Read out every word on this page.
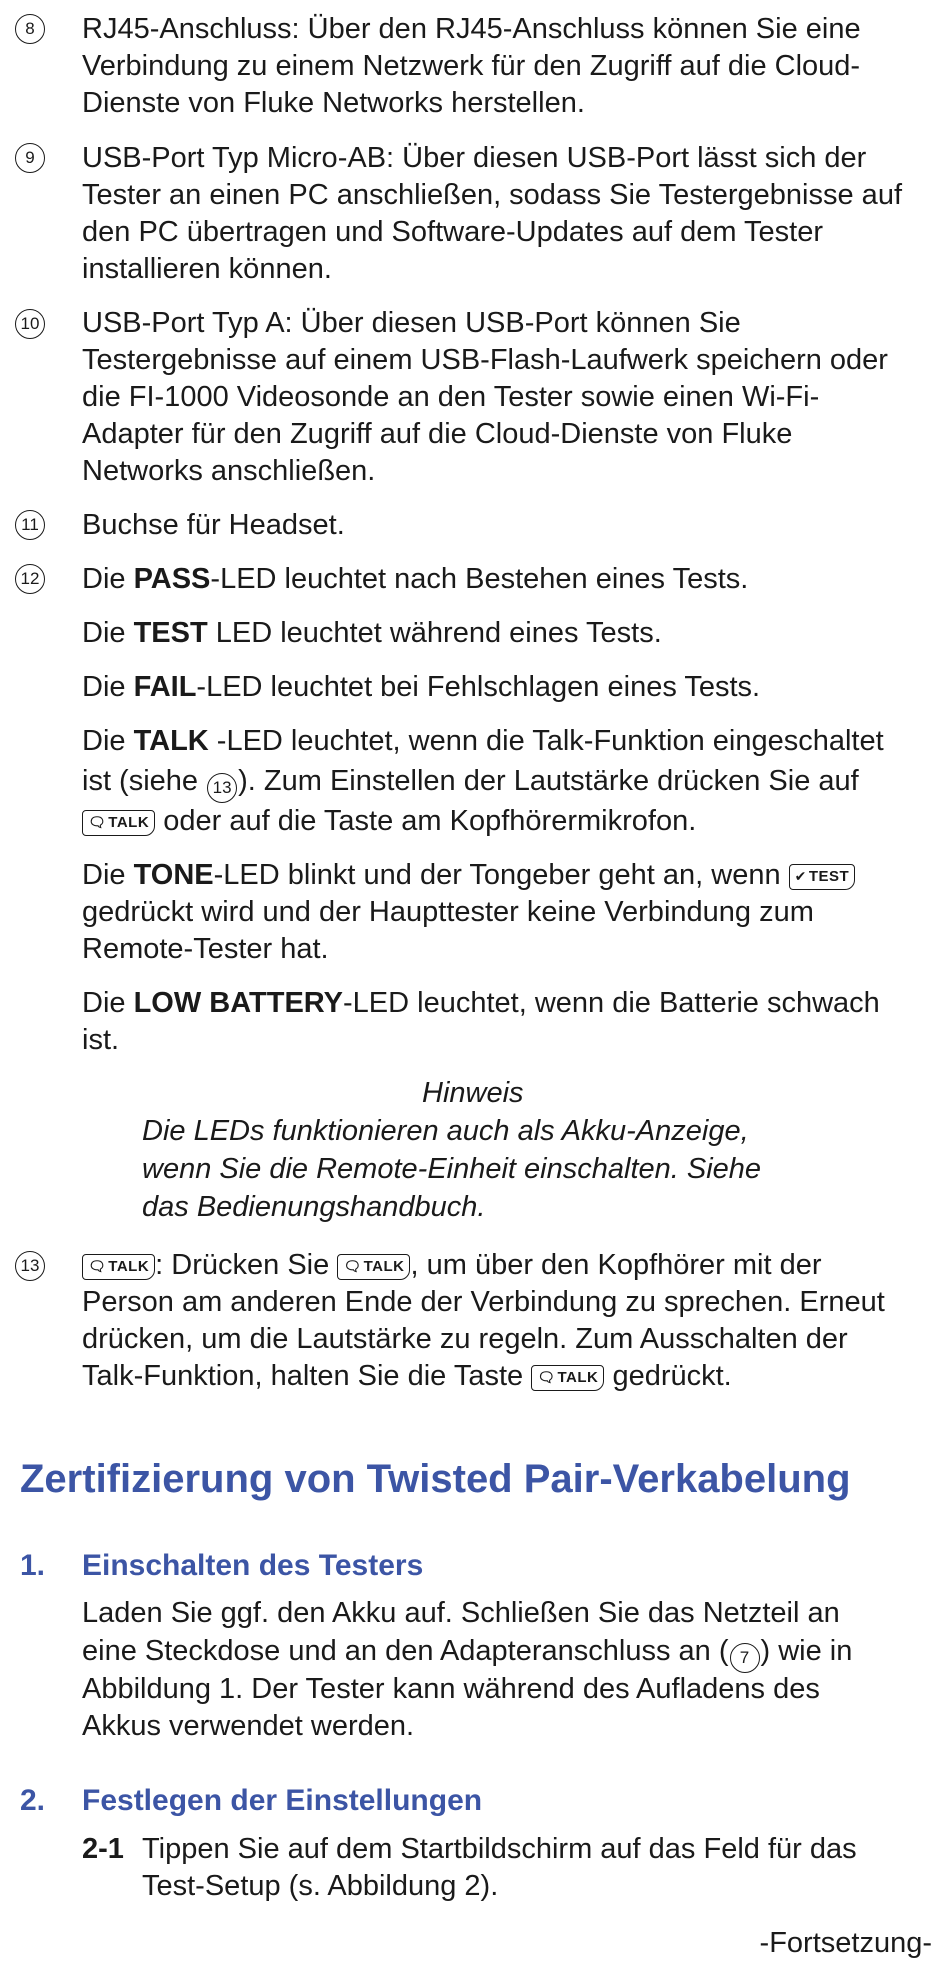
8	RJ45-Anschluss: Über den RJ45-Anschluss können Sie eine
Verbindung zu einem Netzwerk für den Zugriff auf die Cloud-
Dienste von Fluke Networks herstellen.
9	USB-Port Typ Micro-AB: Über diesen USB-Port lässt sich der
Tester an einen PC anschließen, sodass Sie Testergebnisse auf
den PC übertragen und Software-Updates auf dem Tester
installieren können.
10 USB-Port Typ A: Über diesen USB-Port können Sie
Testergebnisse auf einem USB-Flash-Laufwerk speichern oder
die FI-1000 Videosonde an den Tester sowie einen Wi-Fi-
Adapter für den Zugriff auf die Cloud-Dienste von Fluke
Networks anschließen.
11 Buchse für Headset.
12 Die PASS-LED leuchtet nach Bestehen eines Tests.
Die TEST LED leuchtet während eines Tests.
Die FAIL-LED leuchtet bei Fehlschlagen eines Tests.
Die TALK -LED leuchtet, wenn die Talk-Funktion eingeschaltet
ist (siehe 13 ). Zum Einstellen der Lautstärke drücken Sie auf
🗨︎ TALK oder auf die Taste am Kopfhörermikrofon.
Die TONE-LED blinkt und der Tongeber geht an, wenn ✔ TEST
gedrückt wird und der Haupttester keine Verbindung zum
Remote-Tester hat.
Die LOW BATTERY-LED leuchtet, wenn die Batterie schwach
ist.
Hinweis
Die LEDs funktionieren auch als Akku-Anzeige,
wenn Sie die Remote-Einheit einschalten. Siehe
das Bedienungshandbuch.
13	🗨︎ TALK : Drücken Sie 🗨︎ TALK , um über den Kopfhörer mit der
Person am anderen Ende der Verbindung zu sprechen. Erneut
drücken, um die Lautstärke zu regeln. Zum Ausschalten der
Talk-Funktion, halten Sie die Taste 🗨︎ TALK gedrückt.
Zertifizierung von Twisted Pair-Verkabelung
1. Einschalten des Testers
Laden Sie ggf. den Akku auf. Schließen Sie das Netzteil an
eine Steckdose und an den Adapteranschluss an ( 7 ) wie in
Abbildung 1. Der Tester kann während des Aufladens des
Akkus verwendet werden.
2. Festlegen der Einstellungen
2-1 Tippen Sie auf dem Startbildschirm auf das Feld für das
Test-Setup (s. Abbildung 2).
-Fortsetzung-
